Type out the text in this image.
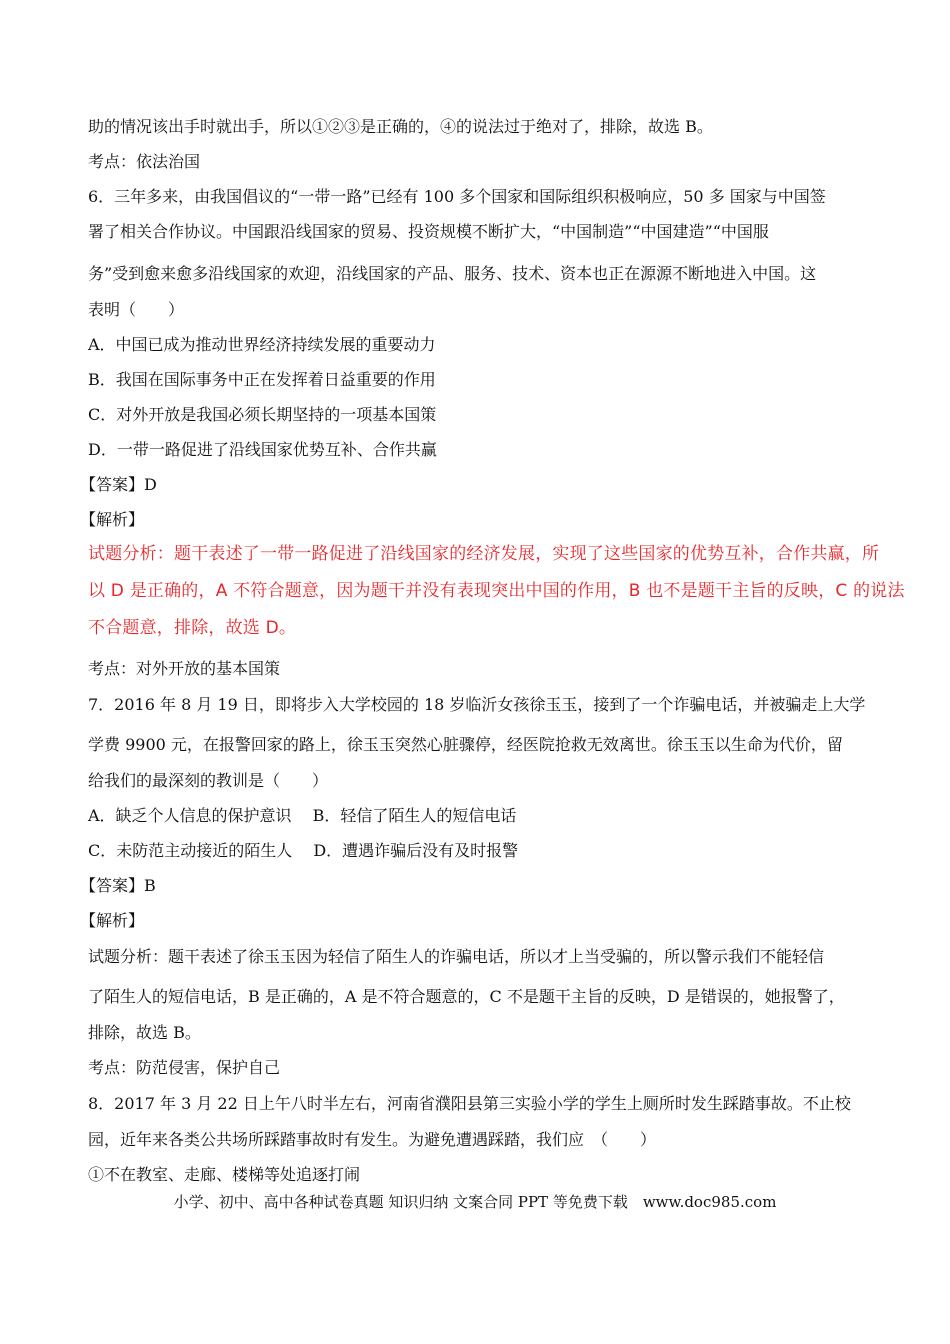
助的情况该出手时就出手，所以①②③是正确的，④的说法过于绝对了，排除，故选 B。
考点：依法治国
6．三年多来，由我国倡议的“一带一路”已经有 100 多个国家和国际组织积极响应，50 多 国家与中国签
署了相关合作协议。中国跟沿线国家的贸易、投资规模不断扩大，“中国制造”“中国建造”“中国服
务”受到愈来愈多沿线国家的欢迎，沿线国家的产品、服务、技术、资本也正在源源不断地进入中国。这
表明（　　）
A．中国已成为推动世界经济持续发展的重要动力
B．我国在国际事务中正在发挥着日益重要的作用
C．对外开放是我国必须长期坚持的一项基本国策
D．一带一路促进了沿线国家优势互补、合作共赢
【答案】D
【解析】
试题分析：题干表述了一带一路促进了沿线国家的经济发展，实现了这些国家的优势互补，合作共赢，所
以 D 是正确的，A 不符合题意，因为题干并没有表现突出中国的作用，B 也不是题干主旨的反映，C 的说法
不合题意，排除，故选 D。
考点：对外开放的基本国策
7．2016 年 8 月 19 日，即将步入大学校园的 18 岁临沂女孩徐玉玉，接到了一个诈骗电话，并被骗走上大学
学费 9900 元，在报警回家的路上，徐玉玉突然心脏骤停，经医院抢救无效离世。徐玉玉以生命为代价，留
给我们的最深刻的教训是（　　）
A．缺乏个人信息的保护意识　 B．轻信了陌生人的短信电话
C．未防范主动接近的陌生人　 D．遭遇诈骗后没有及时报警
【答案】B
【解析】
试题分析：题干表述了徐玉玉因为轻信了陌生人的诈骗电话，所以才上当受骗的，所以警示我们不能轻信
了陌生人的短信电话，B 是正确的，A 是不符合题意的，C 不是题干主旨的反映，D 是错误的，她报警了，
排除，故选 B。
考点：防范侵害，保护自己
8．2017 年 3 月 22 日上午八时半左右，河南省濮阳县第三实验小学的学生上厕所时发生踩踏事故。不止校
园，近年来各类公共场所踩踏事故时有发生。为避免遭遇踩踏，我们应　（　　）
①不在教室、走廊、楼梯等处追逐打闹
小学、初中、高中各种试卷真题 知识归纳 文案合同 PPT 等免费下载　www.doc985.com
